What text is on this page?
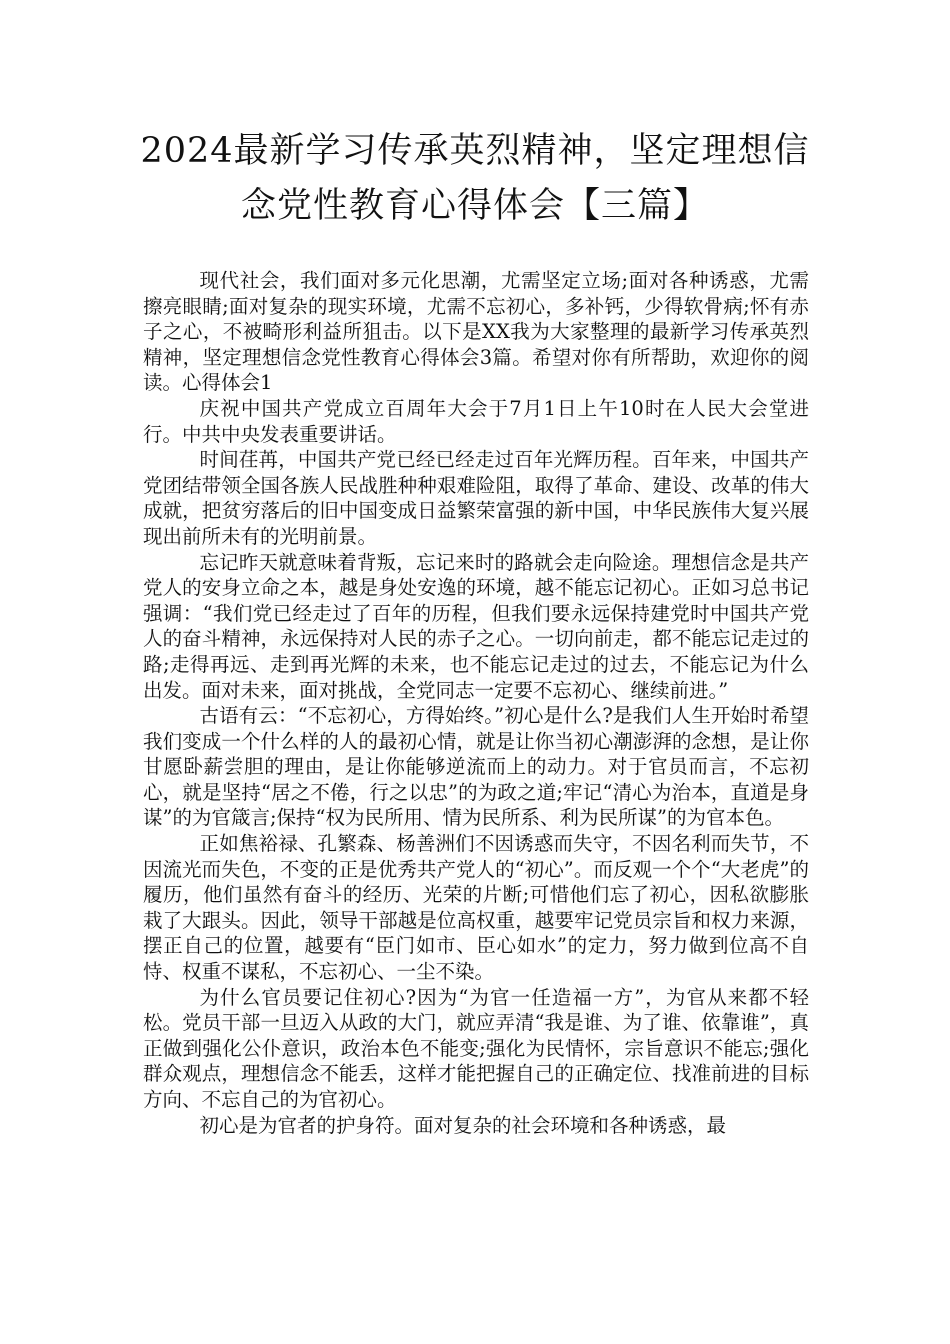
2024最新学习传承英烈精神，坚定理想信念党性教育心得体会【三篇】

现代社会，我们面对多元化思潮，尤需坚定立场;面对各种诱惑，尤需擦亮眼睛;面对复杂的现实环境，尤需不忘初心，多补钙，少得软骨病;怀有赤子之心，不被畸形利益所狙击。以下是XX我为大家整理的最新学习传承英烈精神，坚定理想信念党性教育心得体会3篇。希望对你有所帮助，欢迎你的阅读。心得体会1

庆祝中国共产党成立百周年大会于7月1日上午10时在人民大会堂进行。中共中央发表重要讲话。

时间荏苒，中国共产党已经已经走过百年光辉历程。百年来，中国共产党团结带领全国各族人民战胜种种艰难险阻，取得了革命、建设、改革的伟大成就，把贫穷落后的旧中国变成日益繁荣富强的新中国，中华民族伟大复兴展现出前所未有的光明前景。

忘记昨天就意味着背叛，忘记来时的路就会走向险途。理想信念是共产党人的安身立命之本，越是身处安逸的环境，越不能忘记初心。正如习总书记强调：“我们党已经走过了百年的历程，但我们要永远保持建党时中国共产党人的奋斗精神，永远保持对人民的赤子之心。一切向前走，都不能忘记走过的路;走得再远、走到再光辉的未来，也不能忘记走过的过去，不能忘记为什么出发。面对未来，面对挑战，全党同志一定要不忘初心、继续前进。”

古语有云：“不忘初心，方得始终。”初心是什么?是我们人生开始时希望我们变成一个什么样的人的最初心情，就是让你当初心潮澎湃的念想，是让你甘愿卧薪尝胆的理由，是让你能够逆流而上的动力。对于官员而言，不忘初心，就是坚持“居之不倦，行之以忠”的为政之道;牢记“清心为治本，直道是身谋”的为官箴言;保持“权为民所用、情为民所系、利为民所谋”的为官本色。

正如焦裕禄、孔繁森、杨善洲们不因诱惑而失守，不因名利而失节，不因流光而失色，不变的正是优秀共产党人的“初心”。而反观一个个“大老虎”的履历，他们虽然有奋斗的经历、光荣的片断;可惜他们忘了初心，因私欲膨胀栽了大跟头。因此，领导干部越是位高权重，越要牢记党员宗旨和权力来源，摆正自己的位置，越要有“臣门如市、臣心如水”的定力，努力做到位高不自恃、权重不谋私，不忘初心、一尘不染。

为什么官员要记住初心?因为“为官一任造福一方”，为官从来都不轻松。党员干部一旦迈入从政的大门，就应弄清“我是谁、为了谁、依靠谁”，真正做到强化公仆意识，政治本色不能变;强化为民情怀，宗旨意识不能忘;强化群众观点，理想信念不能丢，这样才能把握自己的正确定位、找准前进的目标方向、不忘自己的为官初心。

初心是为官者的护身符。面对复杂的社会环境和各种诱惑，最
